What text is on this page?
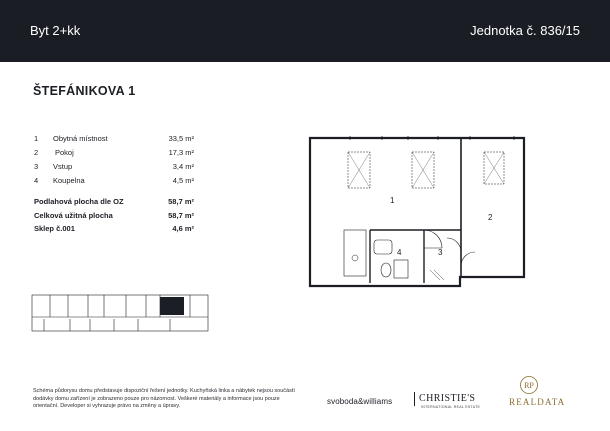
Byt 2+kk	Jednotka č. 836/15
ŠTEFÁNIKOVA 1
1 Obytná místnost	33,5 m²
2 Pokoj	17,3 m²
3 Vstup	3,4 m²
4 Koupelna	4,5 m²
Podlahová plocha dle OZ	58,7 m²
Celková užitná plocha	58,7 m²
Sklep č.001	4,6 m²
1
2
3
4
Schéma půdorysu domu představuje dispoziční řešení jednotky. Kuchyňská linka a nábytek nejsou součástí dodávky domu zařízení je zobrazeno pouze pro názornost. Veškeré materiály a informace jsou pouze orientační. Developer si vyhrazuje právo na změny a úpravy.	svoboda&williams	CHRISTIE'S
INTERNATIONAL REAL ESTATE
RP
REALDATA
